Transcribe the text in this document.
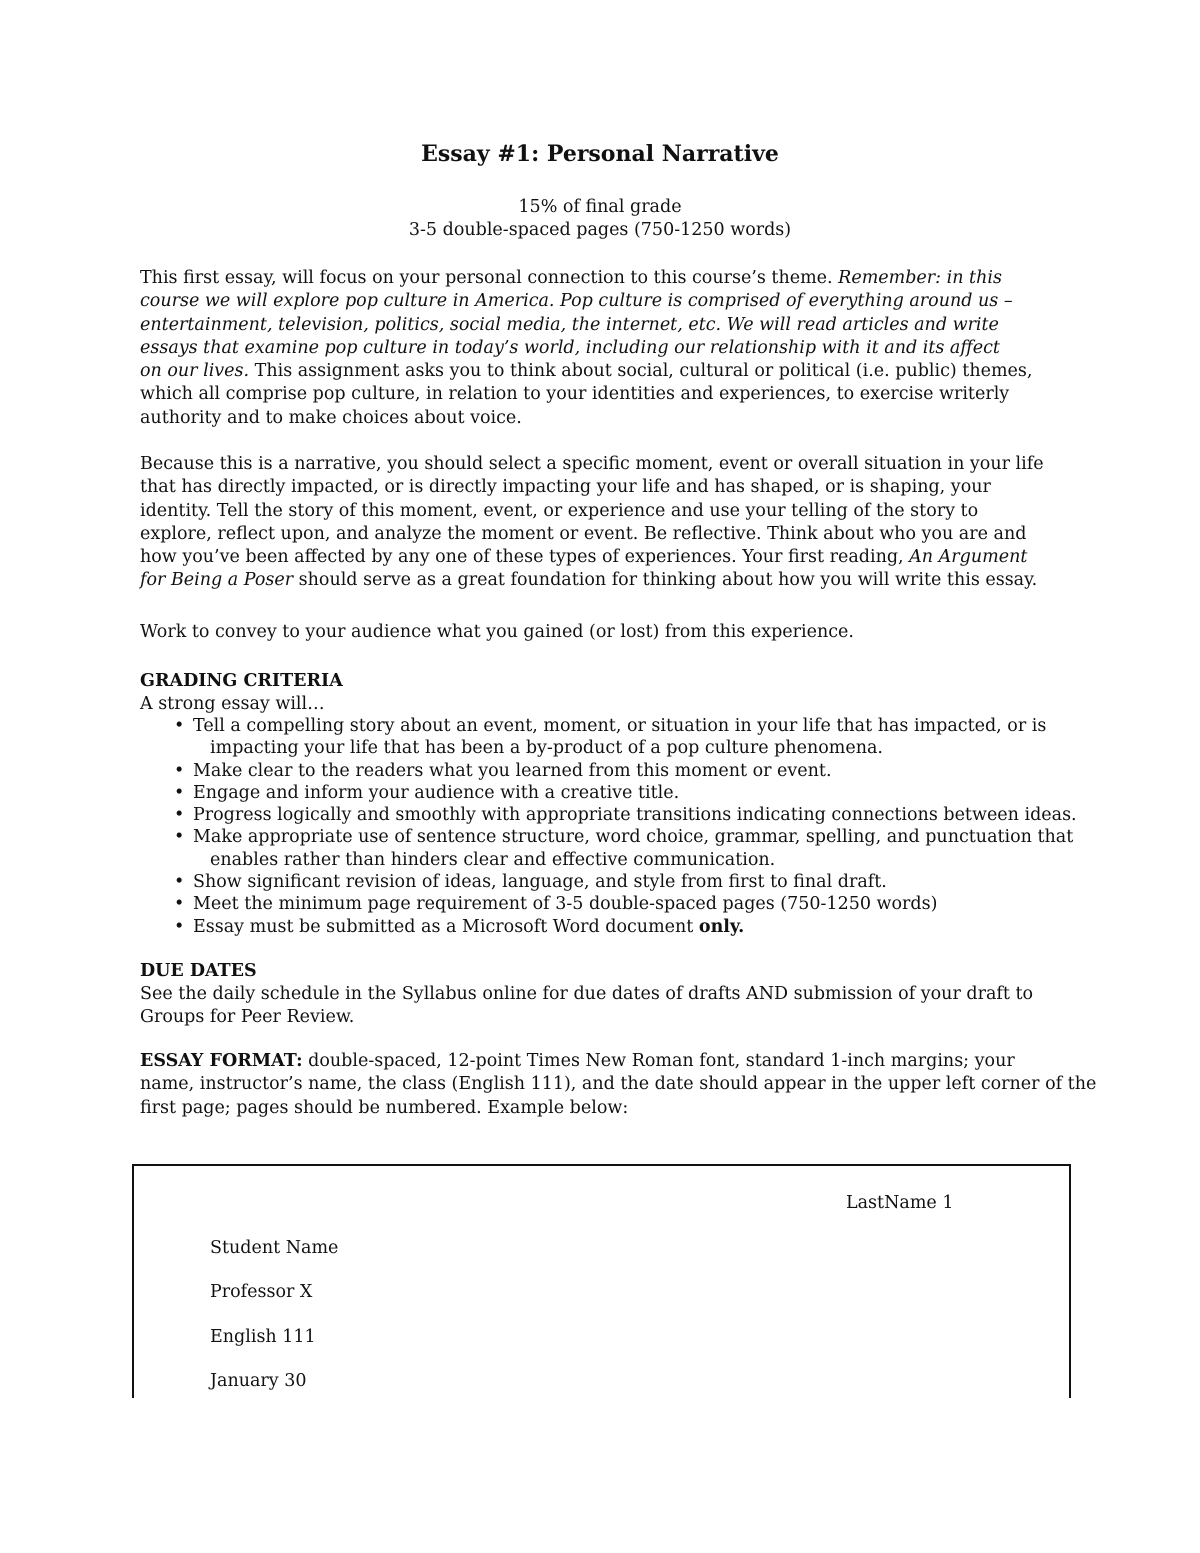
Essay #1: Personal Narrative
15% of final grade
3-5 double-spaced pages (750-1250 words)
This first essay, will focus on your personal connection to this course’s theme. Remember: in this
course we will explore pop culture in America. Pop culture is comprised of everything around us –
entertainment, television, politics, social media, the internet, etc. We will read articles and write
essays that examine pop culture in today’s world, including our relationship with it and its affect
on our lives. This assignment asks you to think about social, cultural or political (i.e. public) themes,
which all comprise pop culture, in relation to your identities and experiences, to exercise writerly
authority and to make choices about voice.
Because this is a narrative, you should select a specific moment, event or overall situation in your life
that has directly impacted, or is directly impacting your life and has shaped, or is shaping, your
identity. Tell the story of this moment, event, or experience and use your telling of the story to
explore, reflect upon, and analyze the moment or event. Be reflective. Think about who you are and
how you’ve been affected by any one of these types of experiences. Your first reading, An Argument
for Being a Poser should serve as a great foundation for thinking about how you will write this essay.
Work to convey to your audience what you gained (or lost) from this experience.
GRADING CRITERIA
A strong essay will…
• Tell a compelling story about an event, moment, or situation in your life that has impacted, or is
impacting your life that has been a by-product of a pop culture phenomena.
• Make clear to the readers what you learned from this moment or event.
• Engage and inform your audience with a creative title.
• Progress logically and smoothly with appropriate transitions indicating connections between ideas.
• Make appropriate use of sentence structure, word choice, grammar, spelling, and punctuation that
enables rather than hinders clear and effective communication.
• Show significant revision of ideas, language, and style from first to final draft.
• Meet the minimum page requirement of 3-5 double-spaced pages (750-1250 words)
• Essay must be submitted as a Microsoft Word document only.
DUE DATES
See the daily schedule in the Syllabus online for due dates of drafts AND submission of your draft to
Groups for Peer Review.
ESSAY FORMAT: double-spaced, 12-point Times New Roman font, standard 1-inch margins; your
name, instructor’s name, the class (English 111), and the date should appear in the upper left corner of the
first page; pages should be numbered. Example below:
LastName 1
Student Name
Professor X
English 111
January 30
